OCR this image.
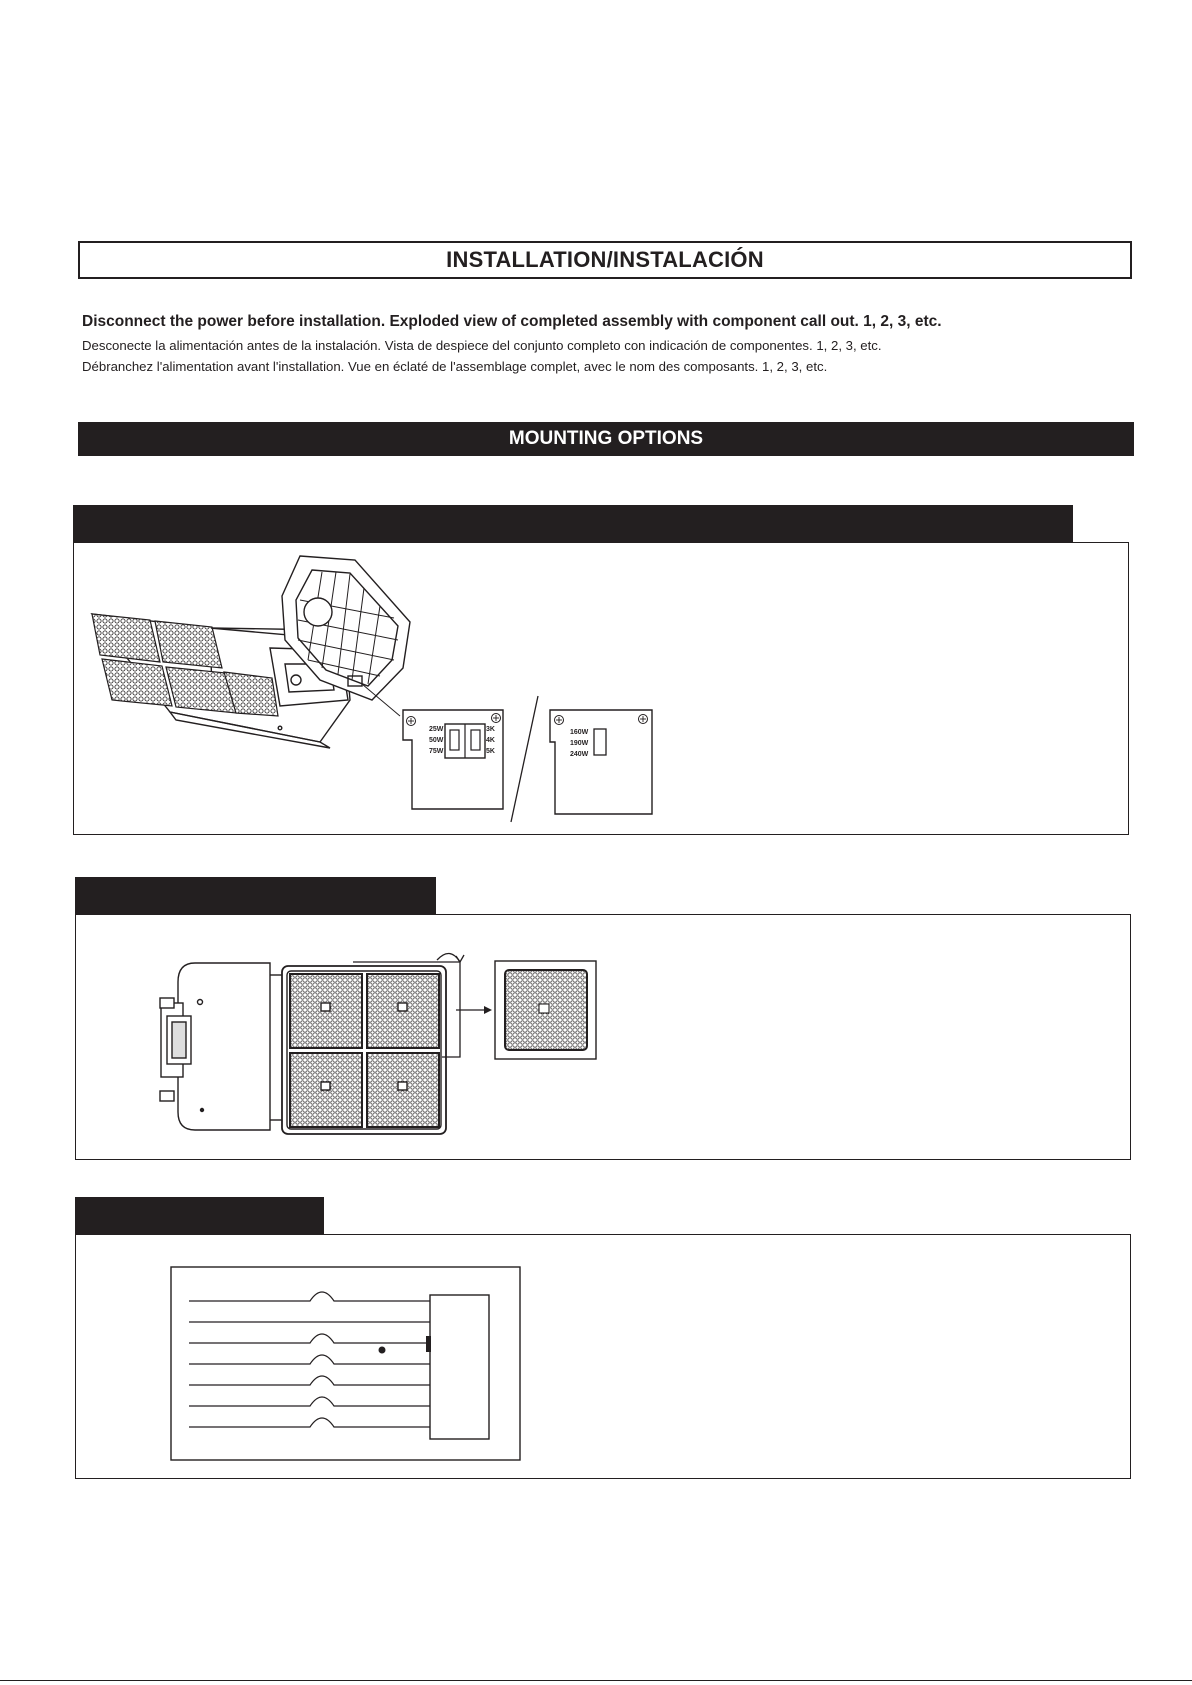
INSTALLATION/INSTALACIÓN

Disconnect the power before installation. Exploded view of completed assembly with component call out. 1, 2, 3, etc.

Desconecte la alimentación antes de la instalación. Vista de despiece del conjunto completo con indicación de componentes. 1, 2, 3, etc.

Débranchez l'alimentation avant l'installation. Vue en éclaté de l'assemblage complet, avec le nom des composants. 1, 2, 3, etc.

MOUNTING OPTIONS
25W
50W
75W
3K
4K
5K
160W
190W
240W
